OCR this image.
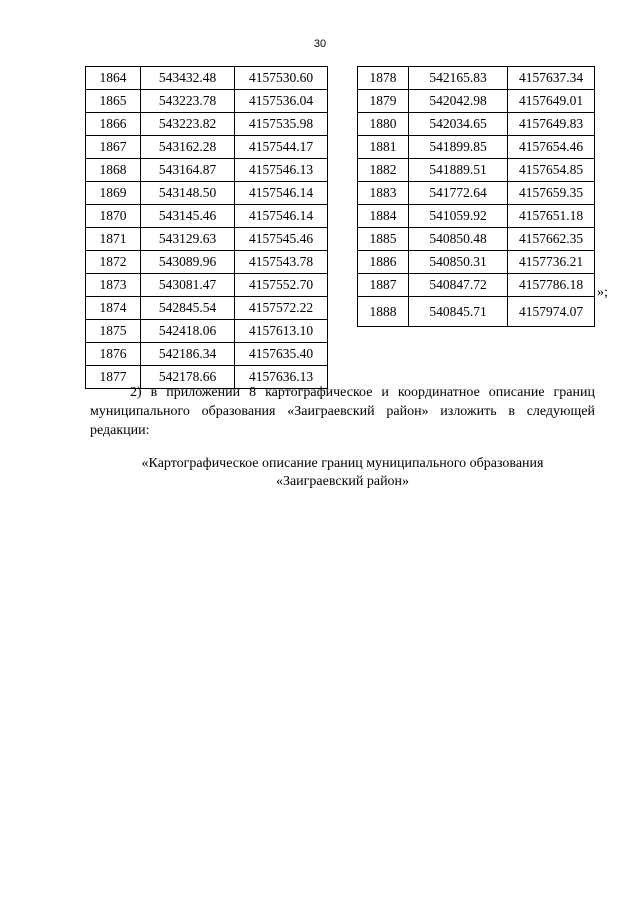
30
1864	543432.48	4157530.60
1865	543223.78	4157536.04
1866	543223.82	4157535.98
1867	543162.28	4157544.17
1868	543164.87	4157546.13
1869	543148.50	4157546.14
1870	543145.46	4157546.14
1871	543129.63	4157545.46
1872	543089.96	4157543.78
1873	543081.47	4157552.70
1874	542845.54	4157572.22
1875	542418.06	4157613.10
1876	542186.34	4157635.40
1877	542178.66	4157636.13
1878	542165.83	4157637.34
1879	542042.98	4157649.01
1880	542034.65	4157649.83
1881	541899.85	4157654.46
1882	541889.51	4157654.85
1883	541772.64	4157659.35
1884	541059.92	4157651.18
1885	540850.48	4157662.35
1886	540850.31	4157736.21
1887	540847.72	4157786.18
1888	540845.71	4157974.07
»;
2) в приложении 8 картографическое и координатное описание границ муниципального образования «Заиграевский район» изложить в следующей редакции:
«Картографическое описание границ муниципального образования
«Заиграевский район»
